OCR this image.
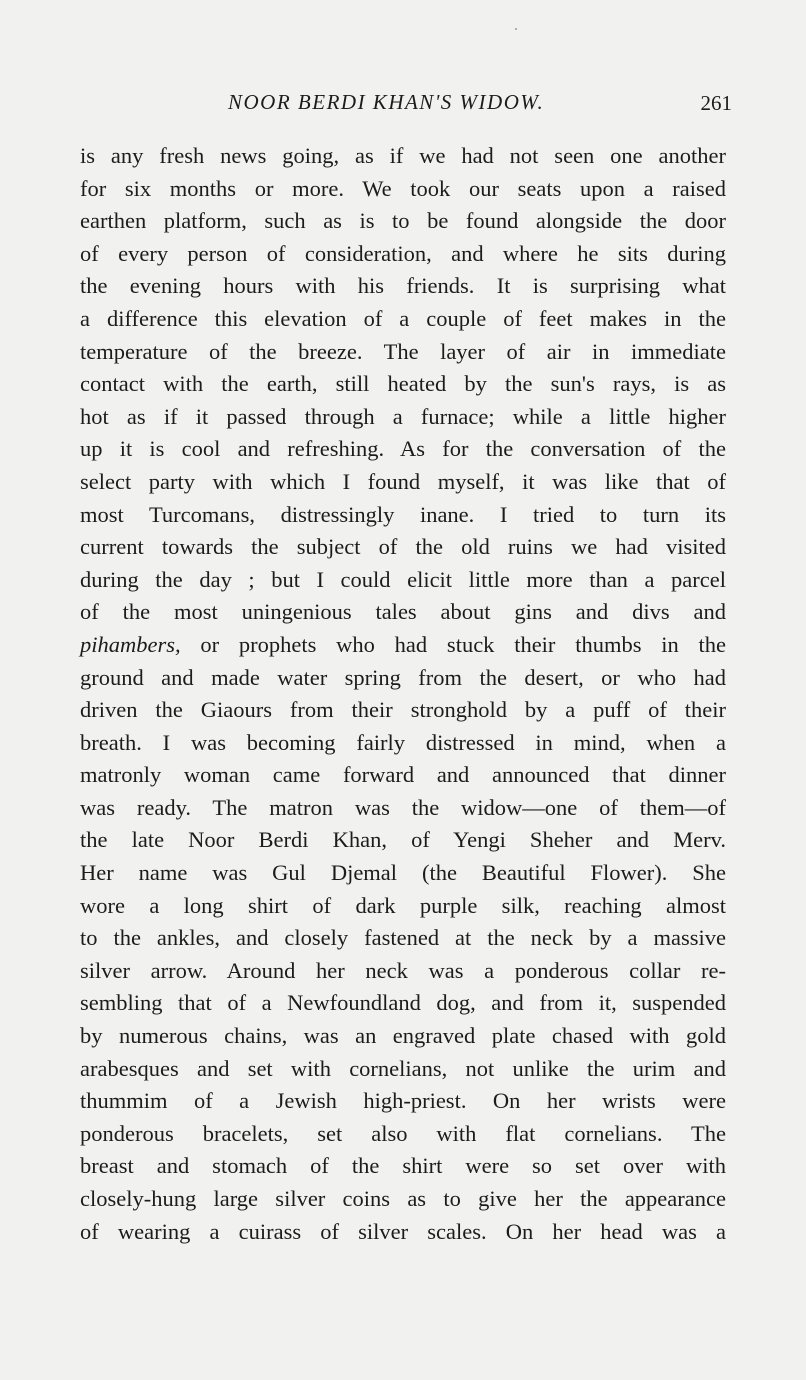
NOOR BERDI KHAN'S WIDOW.	261
is any fresh news going, as if we had not seen one another
for six months or more. We took our seats upon a raised
earthen platform, such as is to be found alongside the door
of every person of consideration, and where he sits during
the evening hours with his friends. It is surprising what
a difference this elevation of a couple of feet makes in the
temperature of the breeze. The layer of air in immediate
contact with the earth, still heated by the sun's rays, is as
hot as if it passed through a furnace; while a little higher
up it is cool and refreshing. As for the conversation of the
select party with which I found myself, it was like that of
most Turcomans, distressingly inane. I tried to turn its
current towards the subject of the old ruins we had visited
during the day ; but I could elicit little more than a parcel
of the most uningenious tales about gins and divs and
pihambers, or prophets who had stuck their thumbs in the
ground and made water spring from the desert, or who had
driven the Giaours from their stronghold by a puff of their
breath. I was becoming fairly distressed in mind, when a
matronly woman came forward and announced that dinner
was ready. The matron was the widow—one of them—of
the late Noor Berdi Khan, of Yengi Sheher and Merv.
Her name was Gul Djemal (the Beautiful Flower). She
wore a long shirt of dark purple silk, reaching almost
to the ankles, and closely fastened at the neck by a massive
silver arrow. Around her neck was a ponderous collar re-
sembling that of a Newfoundland dog, and from it, suspended
by numerous chains, was an engraved plate chased with gold
arabesques and set with cornelians, not unlike the urim and
thummim of a Jewish high-priest. On her wrists were
ponderous bracelets, set also with flat cornelians. The
breast and stomach of the shirt were so set over with
closely-hung large silver coins as to give her the appearance
of wearing a cuirass of silver scales. On her head was a
